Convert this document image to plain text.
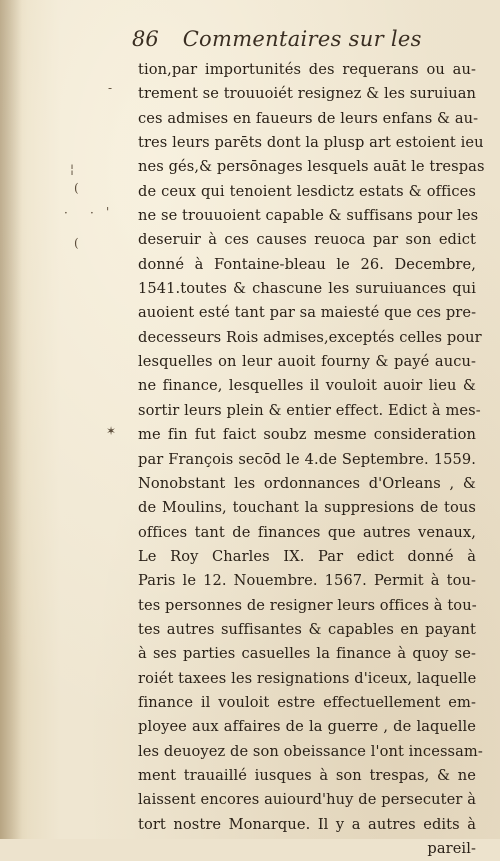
86 Commentaires sur les
-
¦
(
· · '
(
✶
tion,par importunités des requerans ou au-
trement se trouuoiét resignez & les suruiuan
ces admises en faueurs de leurs enfans & au-
tres leurs parēts dont la plusp art estoient ieu
nes gés,& persōnages lesquels auāt le trespas
de ceux qui tenoient lesdictz estats & offices
ne se trouuoient capable & suffisans pour les
deseruir à ces causes reuoca par son edict
donné à Fontaine-bleau le 26. Decembre,
1541.toutes & chascune les suruiuances qui
auoient esté tant par sa maiesté que ces pre-
decesseurs Rois admises,exceptés celles pour
lesquelles on leur auoit fourny & payé aucu-
ne finance, lesquelles il vouloit auoir lieu &
sortir leurs plein & entier effect. Edict à mes-
me fin fut faict soubz mesme consideration
par François secōd le 4.de Septembre. 1559.
Nonobstant les ordonnances d'Orleans , &
de Moulins, touchant la suppresions de tous
offices tant de finances que autres venaux,
Le Roy Charles IX. Par edict donné à
Paris le 12. Nouembre. 1567. Permit à tou-
tes personnes de resigner leurs offices à tou-
tes autres suffisantes & capables en payant
à ses parties casuelles la finance à quoy se-
roiét taxees les resignations d'iceux, laquelle
finance il vouloit estre effectuellement em-
ployee aux affaires de la guerre , de laquelle
les deuoyez de son obeissance l'ont incessam-
ment trauaillé iusques à son trespas, & ne
laissent encores auiourd'huy de persecuter à
tort nostre Monarque. Il y a autres edits à
pareil-
